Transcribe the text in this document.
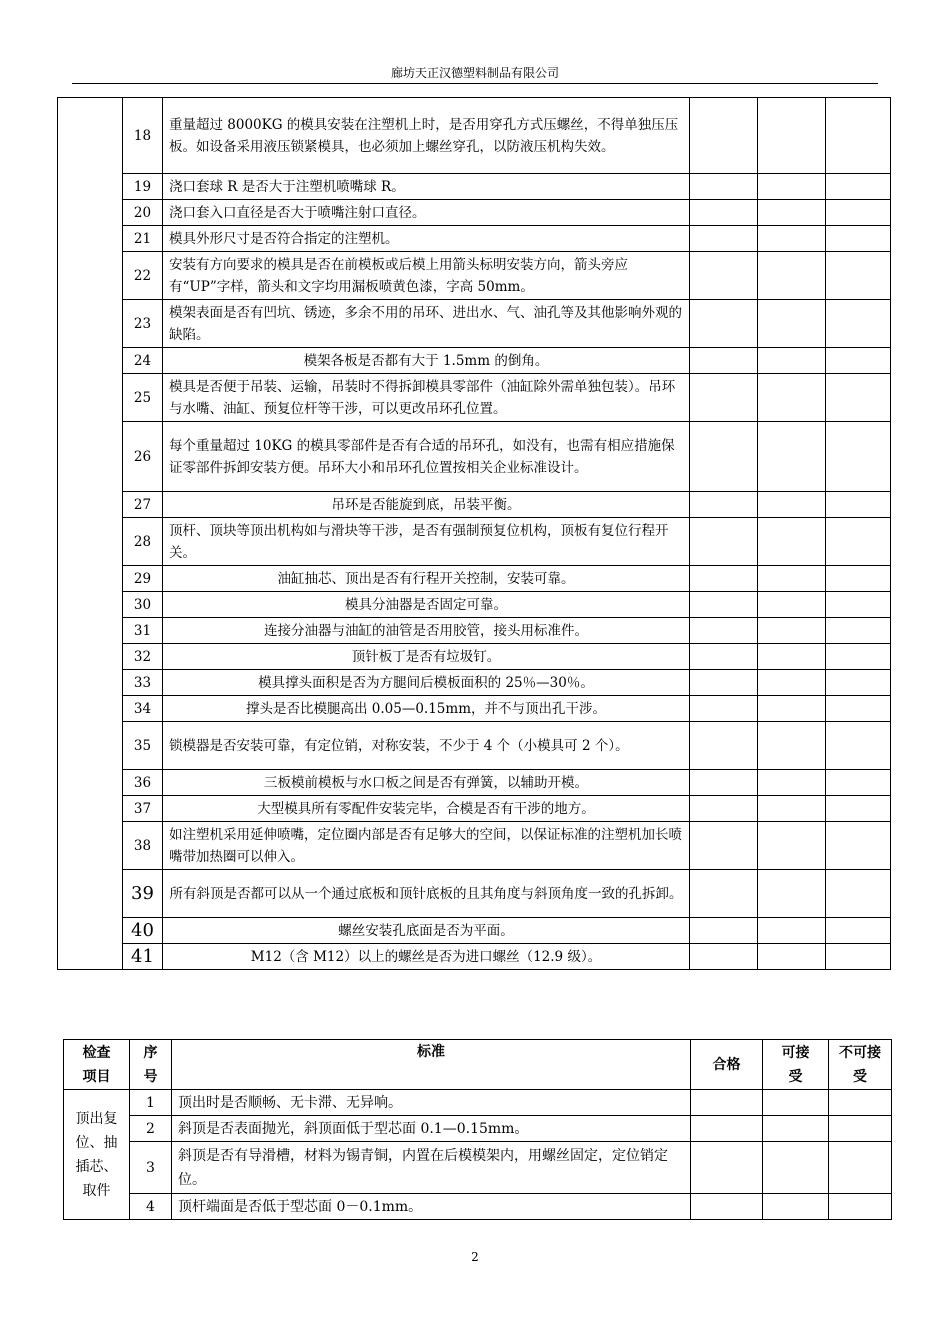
廊坊天正汉德塑料制品有限公司
	18	重量超过 8000KG 的模具安装在注塑机上时，是否用穿孔方式压螺丝，不得单独压压板。如设备采用液压锁紧模具，也必须加上螺丝穿孔，以防液压机构失效。			
	19	浇口套球 R 是否大于注塑机喷嘴球 R。			
	20	浇口套入口直径是否大于喷嘴注射口直径。			
	21	模具外形尺寸是否符合指定的注塑机。			
	22	安装有方向要求的模具是否在前模板或后模上用箭头标明安装方向，箭头旁应有“UP”字样，箭头和文字均用漏板喷黄色漆，字高 50mm。			
	23	模架表面是否有凹坑、锈迹，多余不用的吊环、进出水、气、油孔等及其他影响外观的缺陷。			
	24	模架各板是否都有大于 1.5mm 的倒角。			
	25	模具是否便于吊装、运输，吊装时不得拆卸模具零部件（油缸除外需单独包装）。吊环与水嘴、油缸、预复位杆等干涉，可以更改吊环孔位置。			
	26	每个重量超过 10KG 的模具零部件是否有合适的吊环孔，如没有，也需有相应措施保证零部件拆卸安装方便。吊环大小和吊环孔位置按相关企业标准设计。			
	27	吊环是否能旋到底，吊装平衡。			
	28	顶杆、顶块等顶出机构如与滑块等干涉，是否有强制预复位机构，顶板有复位行程开关。			
	29	油缸抽芯、顶出是否有行程开关控制，安装可靠。			
	30	模具分油器是否固定可靠。			
	31	连接分油器与油缸的油管是否用胶管，接头用标准件。			
	32	顶针板丁是否有垃圾钉。			
	33	模具撑头面积是否为方腿间后模板面积的 25％—30％。			
	34	撑头是否比模腿高出 0.05—0.15mm，并不与顶出孔干涉。			
	35	锁模器是否安装可靠，有定位销，对称安装，不少于 4 个（小模具可 2 个）。			
	36	三板模前模板与水口板之间是否有弹簧，以辅助开模。			
	37	大型模具所有零配件安装完毕，合模是否有干涉的地方。			
	38	如注塑机采用延伸喷嘴，定位圈内部是否有足够大的空间，以保证标准的注塑机加长喷嘴带加热圈可以伸入。			
	39	所有斜顶是否都可以从一个通过底板和顶针底板的且其角度与斜顶角度一致的孔拆卸。			
	40	螺丝安装孔底面是否为平面。			
	41	M12（含 M12）以上的螺丝是否为进口螺丝（12.9 级）。			
检查项目	序号	标准	合格	可接受	不可接受
顶出复位、抽插芯、取件	1	顶出时是否顺畅、无卡滞、无异响。			
	2	斜顶是否表面抛光，斜顶面低于型芯面 0.1—0.15mm。			
	3	斜顶是否有导滑槽，材料为锡青铜，内置在后模模架内，用螺丝固定，定位销定位。			
	4	顶杆端面是否低于型芯面 0－0.1mm。			
2
